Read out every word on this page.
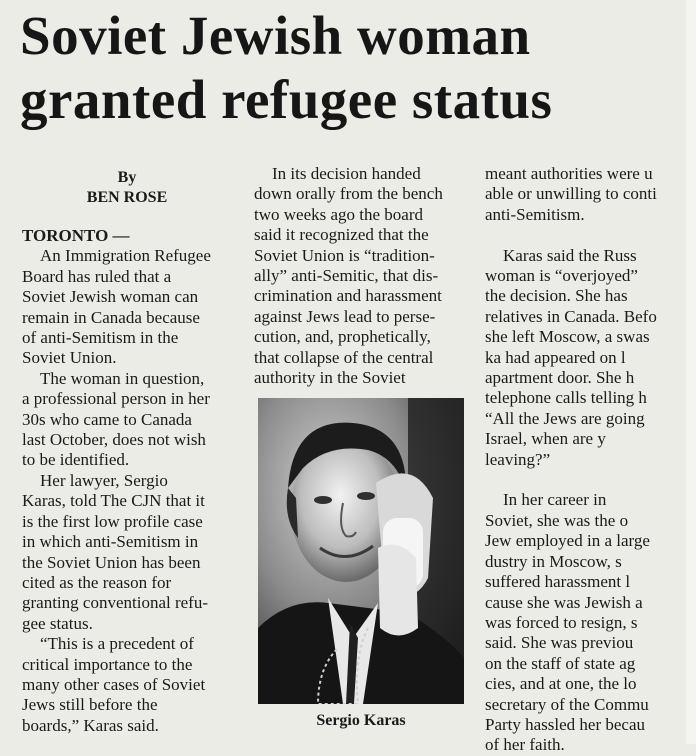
Soviet Jewish woman
granted refugee status
By
BEN ROSE

TORONTO —

An Immigration Refugee

Board has ruled that a

Soviet Jewish woman can

remain in Canada because

of anti-Semitism in the

Soviet Union.

The woman in question,

a professional person in her

30s who came to Canada

last October, does not wish

to be identified.

Her lawyer, Sergio

Karas, told The CJN that it

is the first low profile case

in which anti-Semitism in

the Soviet Union has been

cited as the reason for

granting conventional refu-

gee status.

“This is a precedent of

critical importance to the

many other cases of Soviet

Jews still before the

boards,” Karas said.

In its decision handed

down orally from the bench

two weeks ago the board

said it recognized that the

Soviet Union is “tradition-

ally” anti-Semitic, that dis-

crimination and harassment

against Jews lead to perse-

cution, and, prophetically,

that collapse of the central

authority in the Soviet

Sergio Karas

meant authorities were u

able or unwilling to conti

anti-Semitism.

Karas said the Russ

woman is “overjoyed”

the decision. She has

relatives in Canada. Befo

she left Moscow, a swas

ka had appeared on l

apartment door. She h

telephone calls telling h

“All the Jews are going

Israel, when are y

leaving?”

In her career in

Soviet, she was the o

Jew employed in a large

dustry in Moscow, s

suffered harassment l

cause she was Jewish a

was forced to resign, s

said. She was previou

on the staff of state ag

cies, and at one, the lo

secretary of the Commu

Party hassled her becau

of her faith.
